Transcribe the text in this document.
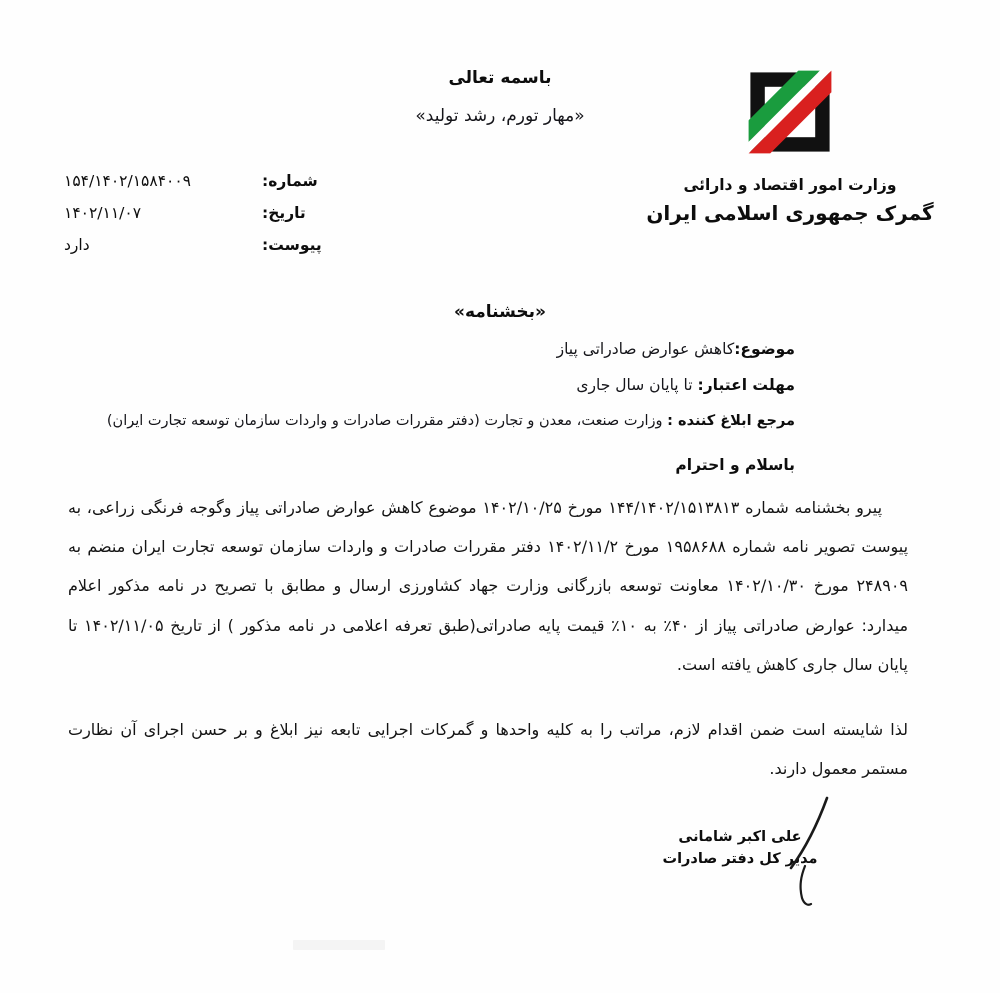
باسمه تعالی
«مهار تورم، رشد تولید»
وزارت امور اقتصاد و دارائی
گمرک جمهوری اسلامی ایران
شماره:
۱۵۴/۱۴۰۲/۱۵۸۴۰۰۹
تاریخ:
۱۴۰۲/۱۱/۰۷
پیوست:
دارد
«بخشنامه»
موضوع:کاهش عوارض صادراتی پیاز
مهلت اعتبار: تا پایان سال جاری
مرجع ابلاغ کننده : وزارت صنعت، معدن و تجارت (دفتر مقررات صادرات و واردات سازمان توسعه تجارت ایران)
باسلام و احترام

پیرو بخشنامه شماره ۱۴۴/۱۴۰۲/۱۵۱۳۸۱۳ مورخ ۱۴۰۲/۱۰/۲۵ موضوع کاهش عوارض صادراتی پیاز وگوجه فرنگی زراعی، به پیوست تصویر نامه شماره ۱۹۵۸۶۸۸ مورخ ۱۴۰۲/۱۱/۲ دفتر مقررات صادرات و واردات سازمان توسعه تجارت ایران منضم به ۲۴۸۹۰۹ مورخ ۱۴۰۲/۱۰/۳۰ معاونت توسعه بازرگانی وزارت جهاد کشاورزی ارسال و مطابق با تصریح در نامه مذکور اعلام میدارد: عوارض صادراتی پیاز از ۴۰٪ به ۱۰٪ قیمت پایه صادراتی(طبق تعرفه اعلامی در نامه مذکور ) از تاریخ ۱۴۰۲/۱۱/۰۵ تا پایان سال جاری کاهش یافته است.

لذا شایسته است ضمن اقدام لازم، مراتب را به کلیه واحدها و گمرکات اجرایی تابعه نیز ابلاغ و بر حسن اجرای آن نظارت مستمر معمول دارند.

علی اکبر شامانی
مدیر کل دفتر صادرات
